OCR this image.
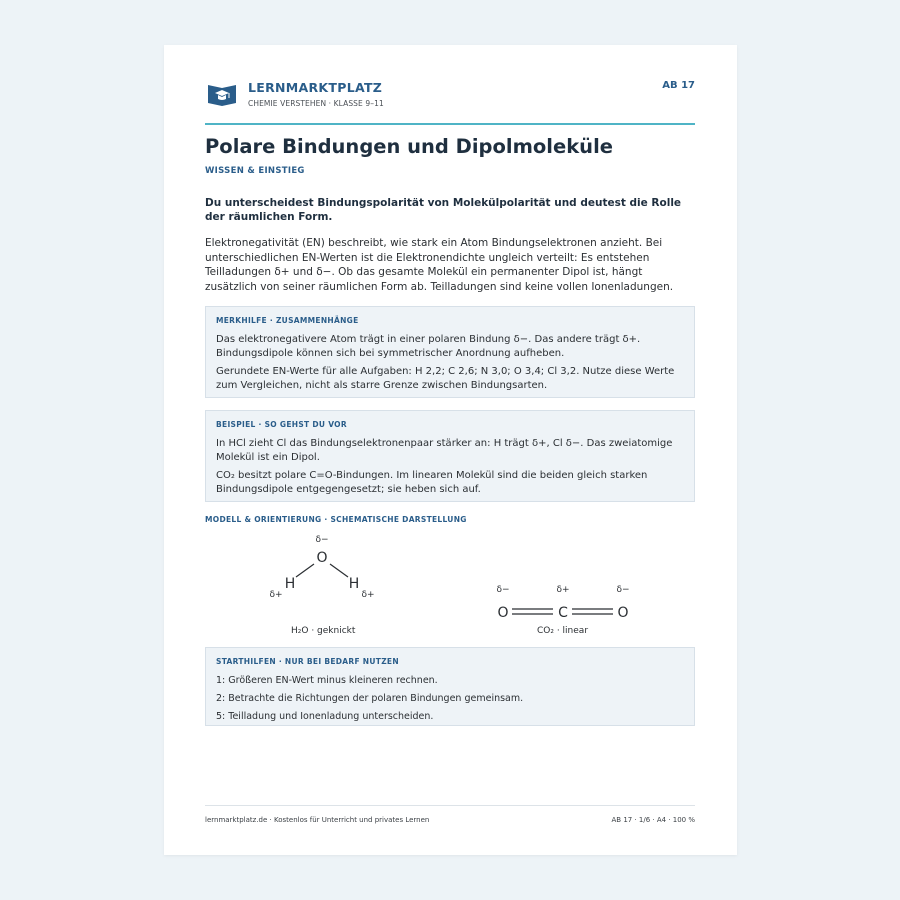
LERNMARKTPLATZ
CHEMIE VERSTEHEN · KLASSE 9–11
AB 17
Polare Bindungen und Dipolmoleküle
WISSEN & EINSTIEG
Du unterscheidest Bindungspolarität von Molekülpolarität und deutest die Rolle der räumlichen Form.
Elektronegativität (EN) beschreibt, wie stark ein Atom Bindungselektronen anzieht. Bei unterschiedlichen EN-Werten ist die Elektronendichte ungleich verteilt: Es entstehen Teilladungen δ+ und δ−. Ob das gesamte Molekül ein permanenter Dipol ist, hängt zusätzlich von seiner räumlichen Form ab. Teilladungen sind keine vollen Ionenladungen.
MERKHILFE · ZUSAMMENHÄNGE

Das elektronegativere Atom trägt in einer polaren Bindung δ−. Das andere trägt δ+. Bindungsdipole können sich bei symmetrischer Anordnung aufheben.

Gerundete EN-Werte für alle Aufgaben: H 2,2; C 2,6; N 3,0; O 3,4; Cl 3,2. Nutze diese Werte zum Vergleichen, nicht als starre Grenze zwischen Bindungsarten.

BEISPIEL · SO GEHST DU VOR

In HCl zieht Cl das Bindungselektronenpaar stärker an: H trägt δ+, Cl δ−. Das zweiatomige Molekül ist ein Dipol.

CO₂ besitzt polare C=O-Bindungen. Im linearen Molekül sind die beiden gleich starken Bindungsdipole entgegengesetzt; sie heben sich auf.

MODELL & ORIENTIERUNG · SCHEMATISCHE DARSTELLUNG
O
H	H
δ−
δ+	δ+
O	C	O
δ−	δ+	δ−
H₂O · geknickt	CO₂ · linear
STARTHILFEN · NUR BEI BEDARF NUTZEN
1: Größeren EN-Wert minus kleineren rechnen.
2: Betrachte die Richtungen der polaren Bindungen gemeinsam.
5: Teilladung und Ionenladung unterscheiden.
lernmarktplatz.de · Kostenlos für Unterricht und privates Lernen	AB 17 · 1/6 · A4 · 100 %
